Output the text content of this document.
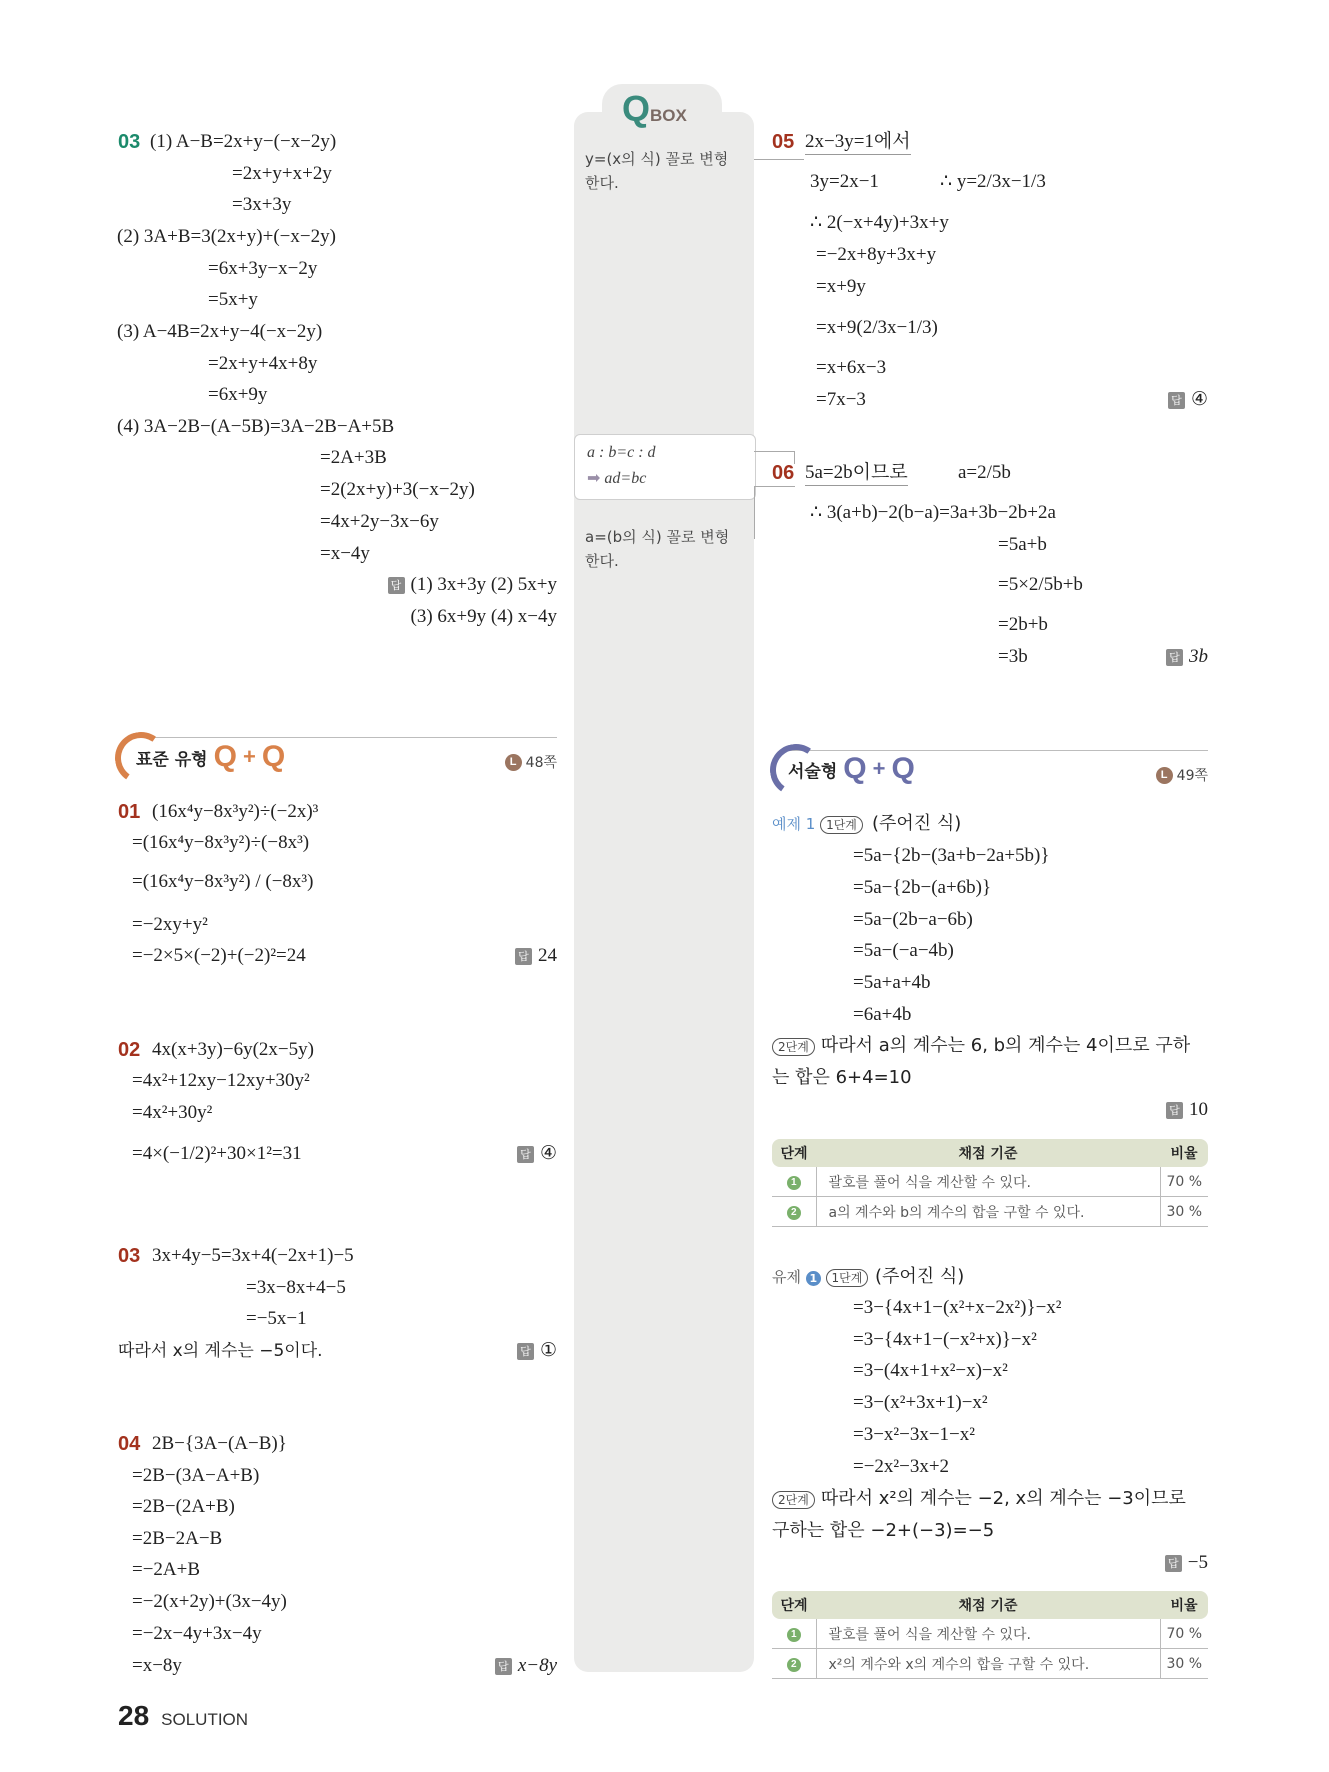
QBOX
y=(x의 식) 꼴로 변형
한다.
a : b=c : d
➡ ad=bc
a=(b의 식) 꼴로 변형
한다.
03 (1) A−B=2x+y−(−x−2y)
=2x+y+x+2y
=3x+3y
(2) 3A+B=3(2x+y)+(−x−2y)
=6x+3y−x−2y
=5x+y
(3) A−4B=2x+y−4(−x−2y)
=2x+y+4x+8y
=6x+9y
(4) 3A−2B−(A−5B)=3A−2B−A+5B
=2A+3B
=2(2x+y)+3(−x−2y)
=4x+2y−3x−6y
=x−4y
답 (1) 3x+3y (2) 5x+y
(3) 6x+9y (4) x−4y
05 2x−3y=1에서
3y=2x−1	∴ y=2/3x−1/3
∴ 2(−x+4y)+3x+y
=−2x+8y+3x+y
=x+9y
=x+9(2/3x−1/3)
=x+6x−3
=7x−3	답 ④
06 5a=2b이므로	a=2/5b
∴ 3(a+b)−2(b−a)=3a+3b−2b+2a
=5a+b
=5×2/5b+b
=2b+b
=3b	답 3b
표준 유형 Q + Q	L 48쪽
01 (16x⁴y−8x³y²)÷(−2x)³
=(16x⁴y−8x³y²)÷(−8x³)
=(16x⁴y−8x³y²) / (−8x³)
=−2xy+y²
=−2×5×(−2)+(−2)²=24	답 24
02 4x(x+3y)−6y(2x−5y)
=4x²+12xy−12xy+30y²
=4x²+30y²
=4×(−1/2)²+30×1²=31	답 ④
03 3x+4y−5=3x+4(−2x+1)−5
=3x−8x+4−5
=−5x−1
따라서 x의 계수는 −5이다.	답 ①
04 2B−{3A−(A−B)}
=2B−(3A−A+B)
=2B−(2A+B)
=2B−2A−B
=−2A+B
=−2(x+2y)+(3x−4y)
=−2x−4y+3x−4y
=x−8y	답 x−8y
서술형 Q + Q	L 49쪽
예제 1 1단계 (주어진 식)
=5a−{2b−(3a+b−2a+5b)}
=5a−{2b−(a+6b)}
=5a−(2b−a−6b)
=5a−(−a−4b)
=5a+a+4b
=6a+4b
2단계 따라서 a의 계수는 6, b의 계수는 4이므로 구하
는 합은 6+4=10
답 10
단계	채점 기준	비율
1	괄호를 풀어 식을 계산할 수 있다.	70 %
2	a의 계수와 b의 계수의 합을 구할 수 있다.	30 %
유제 1 1단계 (주어진 식)
=3−{4x+1−(x²+x−2x²)}−x²
=3−{4x+1−(−x²+x)}−x²
=3−(4x+1+x²−x)−x²
=3−(x²+3x+1)−x²
=3−x²−3x−1−x²
=−2x²−3x+2
2단계 따라서 x²의 계수는 −2, x의 계수는 −3이므로
구하는 합은 −2+(−3)=−5
답 −5
단계	채점 기준	비율
1	괄호를 풀어 식을 계산할 수 있다.	70 %
2	x²의 계수와 x의 계수의 합을 구할 수 있다.	30 %
28 SOLUTION
